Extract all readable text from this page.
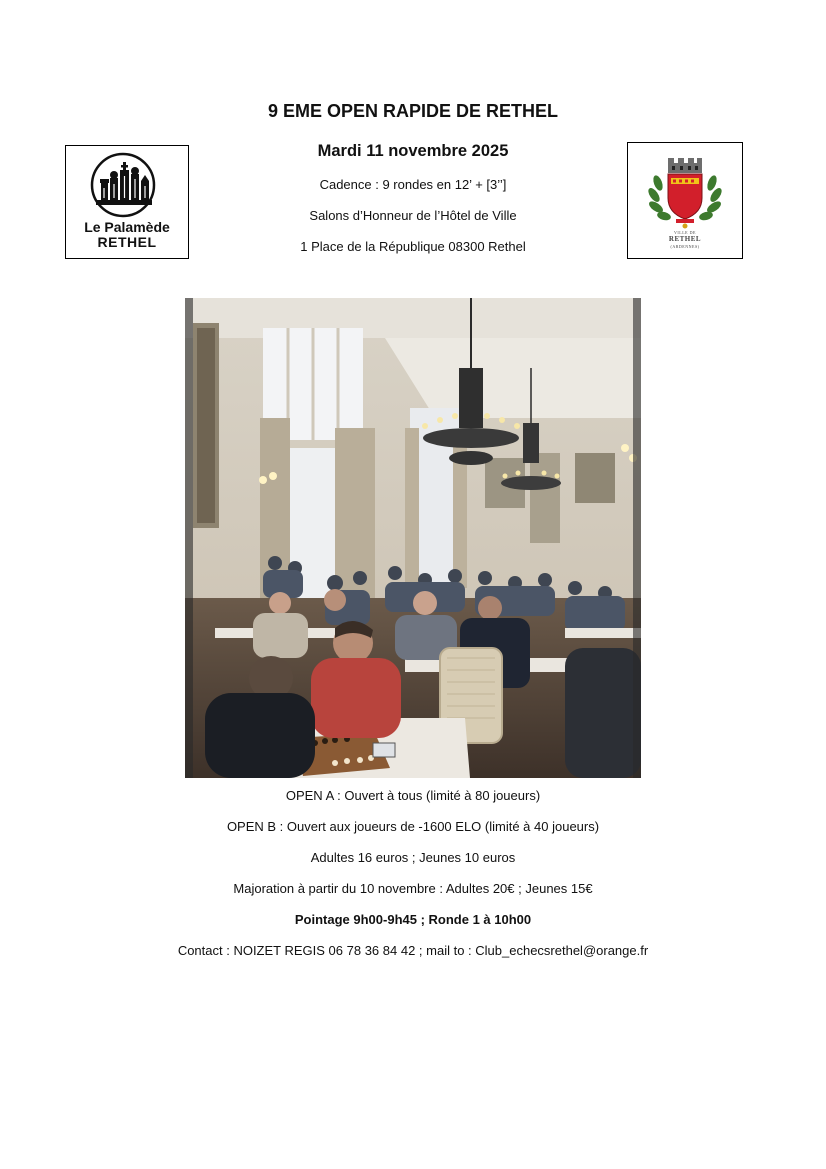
9 EME OPEN RAPIDE DE RETHEL
Mardi 11 novembre 2025
Cadence : 9 rondes en 12’ + [3’’]
Salons d’Honneur de l’Hôtel de Ville
1 Place de la République 08300 Rethel
Le Palamède
RETHEL
VILLE DE
RETHEL
(ARDENNES)
OPEN A : Ouvert à tous (limité à 80 joueurs)
OPEN B : Ouvert aux joueurs de -1600 ELO (limité à 40 joueurs)
Adultes 16 euros ; Jeunes 10 euros
Majoration à partir du 10 novembre : Adultes 20€ ; Jeunes 15€
Pointage 9h00-9h45 ; Ronde 1 à 10h00
Contact : NOIZET REGIS 06 78 36 84 42 ; mail to : Club_echecsrethel@orange.fr
